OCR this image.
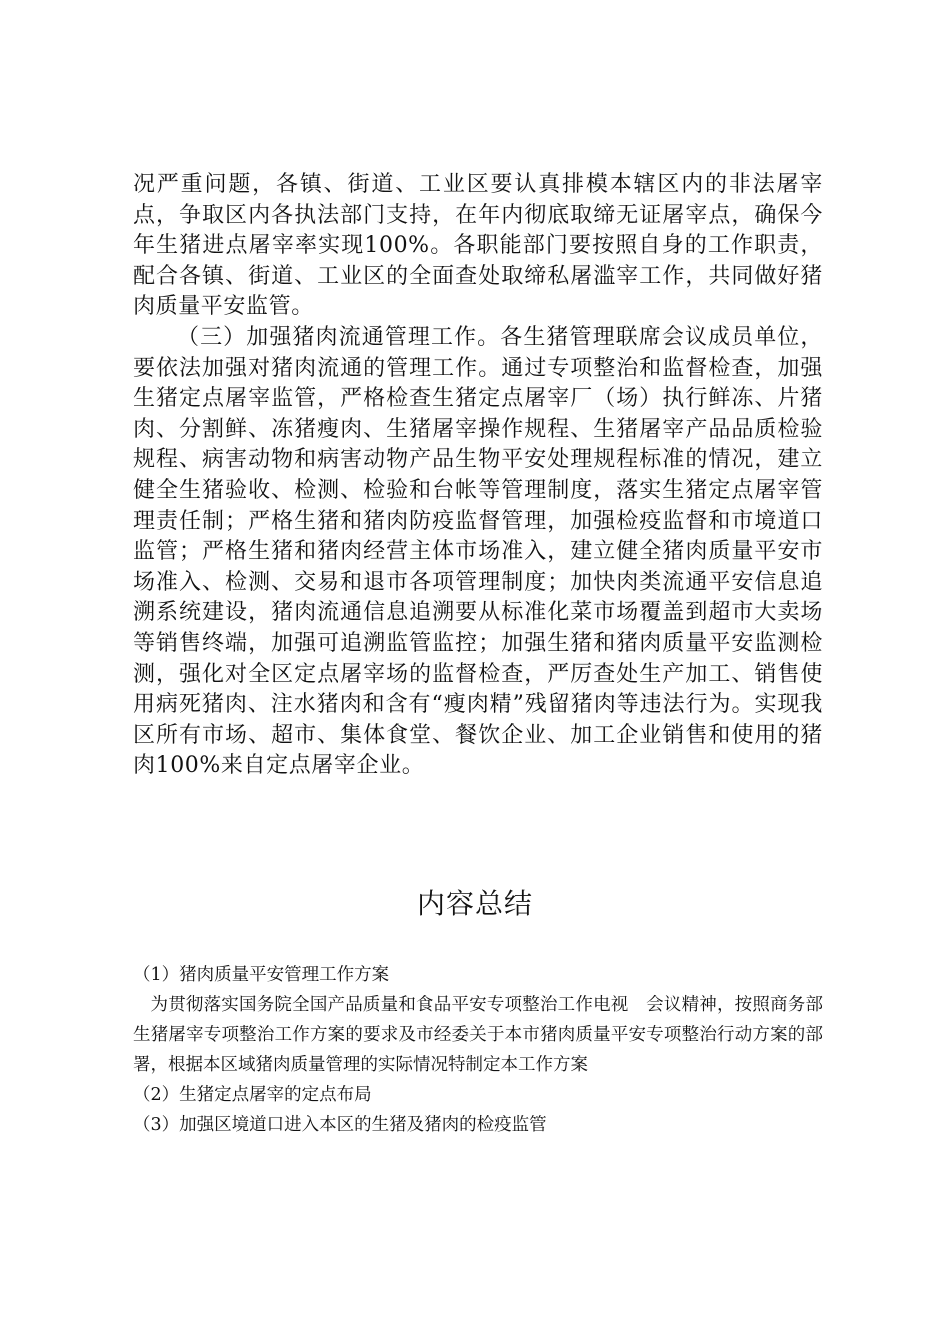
况严重问题，各镇、街道、工业区要认真排模本辖区内的非法屠宰点，争取区内各执法部门支持，在年内彻底取缔无证屠宰点，确保今年生猪进点屠宰率实现100%。各职能部门要按照自身的工作职责，配合各镇、街道、工业区的全面查处取缔私屠滥宰工作，共同做好猪肉质量平安监管。

（三）加强猪肉流通管理工作。各生猪管理联席会议成员单位，要依法加强对猪肉流通的管理工作。通过专项整治和监督检查，加强生猪定点屠宰监管，严格检查生猪定点屠宰厂（场）执行鲜冻、片猪肉、分割鲜、冻猪瘦肉、生猪屠宰操作规程、生猪屠宰产品品质检验规程、病害动物和病害动物产品生物平安处理规程标准的情况，建立健全生猪验收、检测、检验和台帐等管理制度，落实生猪定点屠宰管理责任制；严格生猪和猪肉防疫监督管理，加强检疫监督和市境道口监管；严格生猪和猪肉经营主体市场准入，建立健全猪肉质量平安市场准入、检测、交易和退市各项管理制度；加快肉类流通平安信息追溯系统建设，猪肉流通信息追溯要从标准化菜市场覆盖到超市大卖场等销售终端，加强可追溯监管监控；加强生猪和猪肉质量平安监测检测，强化对全区定点屠宰场的监督检查，严厉查处生产加工、销售使用病死猪肉、注水猪肉和含有“瘦肉精”残留猪肉等违法行为。实现我区所有市场、超市、集体食堂、餐饮企业、加工企业销售和使用的猪肉100%来自定点屠宰企业。

内容总结

（1）猪肉质量平安管理工作方案

为贯彻落实国务院全国产品质量和食品平安专项整治工作电视　会议精神，按照商务部生猪屠宰专项整治工作方案的要求及市经委关于本市猪肉质量平安专项整治行动方案的部署，根据本区域猪肉质量管理的实际情况特制定本工作方案

（2）生猪定点屠宰的定点布局

（3）加强区境道口进入本区的生猪及猪肉的检疫监管
